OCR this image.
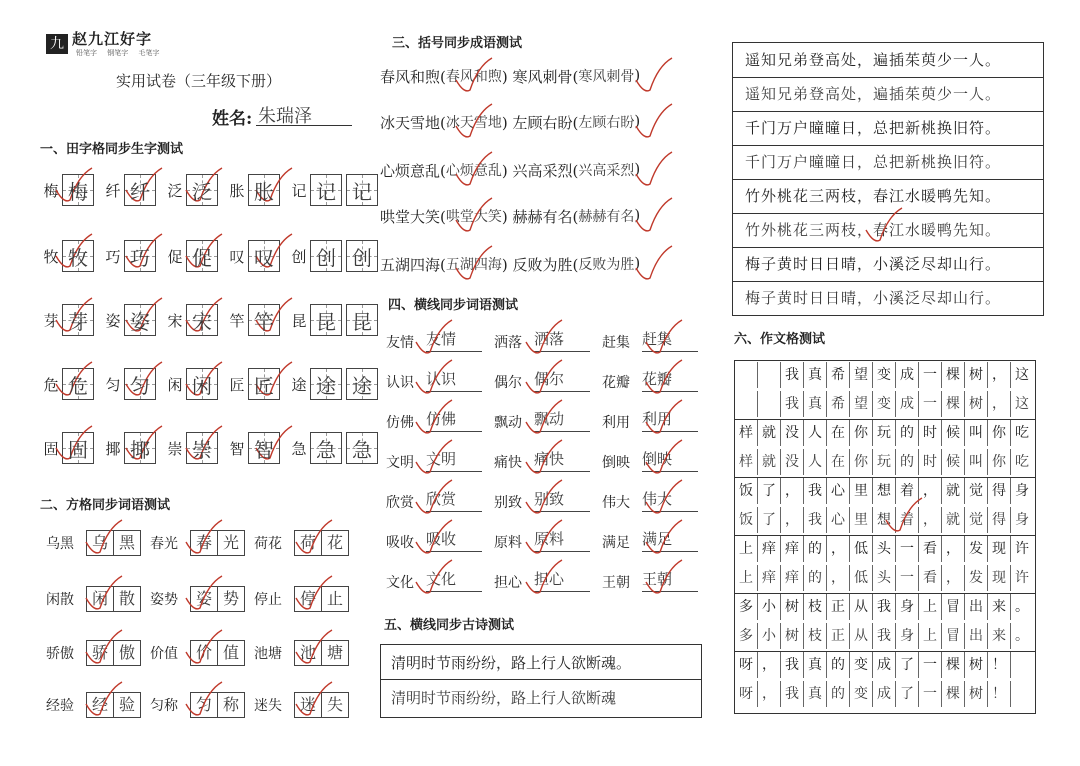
九 赵九江好字
铅笔字 钢笔字 毛笔字
实用试卷（三年级下册）
姓名: 朱瑞泽
一、田字格同步生字测试
梅 梅 纤 纤 泛 泛 胀 胀 记 记 记
牧 牧 巧 巧 促 促 叹 叹 创 创 创
芽 芽 姿 姿 宋 宋 竿 竿 昆 昆 昆
危 危 匀 匀 闲 闲 匠 匠 途 途 途
固 固 揶 揶 崇 崇 智 智 急 急 急
二、方格同步词语测试
乌黑	乌 黑	春光	春 光	荷花	荷 花
闲散	闲 散	姿势	姿 势	停止	停 止
骄傲	骄 傲	价值	价 值	池塘	池 塘
经验	经 验	匀称	匀 称	迷失	迷 失
三、括号同步成语测试
春风和煦( 春风和煦 ) 寒风刺骨( 寒风刺骨 )
冰天雪地( 冰天雪地 ) 左顾右盼( 左顾右盼 )
心烦意乱( 心烦意乱 ) 兴高采烈( 兴高采烈 )
哄堂大笑( 哄堂大笑 ) 赫赫有名( 赫赫有名 )
五湖四海( 五湖四海 ) 反败为胜( 反败为胜 )
四、横线同步词语测试
友情 友情	洒落 洒落	赶集 赶集
认识 认识	偶尔 偶尔	花瓣 花瓣
仿佛 仿佛	飘动 飘动	利用 利用
文明 文明	痛快 痛快	倒映 倒映
欣赏 欣赏	别致 别致	伟大 伟大
吸收 吸收	原料 原料	满足 满足
文化 文化	担心 担心	王朝 王朝
五、横线同步古诗测试
清明时节雨纷纷，路上行人欲断魂。
清明时节雨纷纷，路上行人欲断魂
遥知兄弟登高处，遍插茱萸少一人。
遥知兄弟登高处，遍插茱萸少一人。
千门万户曈曈日，总把新桃换旧符。
千门万户曈曈日，总把新桃换旧符。
竹外桃花三两枝，春江水暖鸭先知。
竹外桃花三两枝，春江水暖鸭先知。
梅子黄时日日晴，小溪泛尽却山行。
梅子黄时日日晴，小溪泛尽却山行。
六、作文格测试
我 真 希 望 变 成 一 棵 树 ， 这
我 真 希 望 变 成 一 棵 树 ， 这
样 就 没 人 在 你 玩 的 时 候 叫 你 吃
样 就 没 人 在 你 玩 的 时 候 叫 你 吃
饭 了 ， 我 心 里 想 着 ， 就 觉 得 身
饭 了 ， 我 心 里 想 着 ， 就 觉 得 身
上 痒 痒 的 ， 低 头 一 看 ， 发 现 许
上 痒 痒 的 ， 低 头 一 看 ， 发 现 许
多 小 树 枝 正 从 我 身 上 冒 出 来 。
多 小 树 枝 正 从 我 身 上 冒 出 来 。
呀 ， 我 真 的 变 成 了 一 棵 树 ！
呀 ， 我 真 的 变 成 了 一 棵 树 ！
